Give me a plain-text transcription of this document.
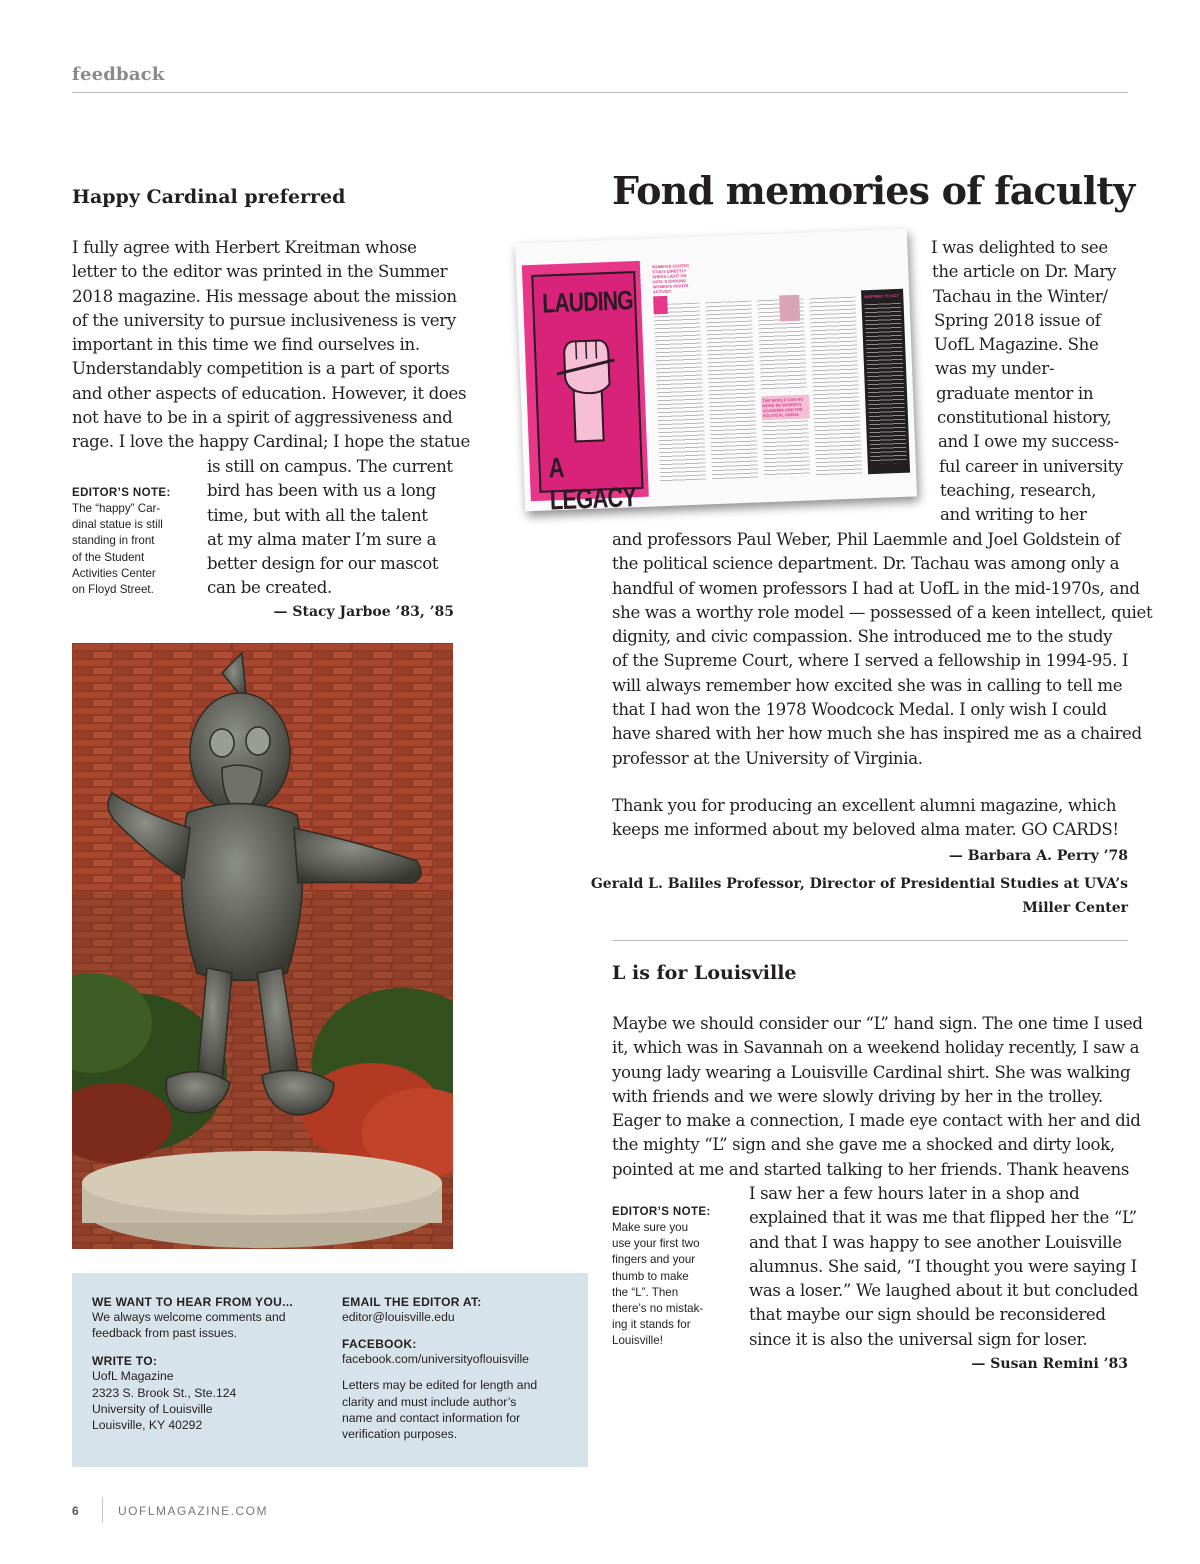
feedback
Happy Cardinal preferred
I fully agree with Herbert Kreitman whose
letter to the editor was printed in the Summer
2018 magazine. His message about the mission
of the university to pursue inclusiveness is very
important in this time we find ourselves in.
Understandably competition is a part of sports
and other aspects of education. However, it does
not have to be in a spirit of aggressiveness and
rage. I love the happy Cardinal; I hope the statue
is still on campus. The current
bird has been with us a long
time, but with all the talent
at my alma mater I’m sure a
better design for our mascot
can be created.
— Stacy Jarboe ’83, ’85
EDITOR’S NOTE:
The “happy” Car-
dinal statue is still
standing in front
of the Student
Activities Center
on Floyd Street.
Fond memories of faculty
LAUDING
A LEGACY
WOMEN'S CENTER STUDY DIRECTLY SHEDS LIGHT ON UOFL'S GROUND WOMEN'S RIGHTS ACTIVIST
THE WORLD CAN NO MORE BE WOMEN'S ACADEMIA AND THE POLITICAL ARENA
INSPIRED TO ACT
I was delighted to see
the article on Dr. Mary
Tachau in the Winter/
Spring 2018 issue of
UofL Magazine. She
was my under-
graduate mentor in
constitutional history,
and I owe my success-
ful career in university
teaching, research,
and writing to her
and professors Paul Weber, Phil Laemmle and Joel Goldstein of
the political science department. Dr. Tachau was among only a
handful of women professors I had at UofL in the mid-1970s, and
she was a worthy role model — possessed of a keen intellect, quiet
dignity, and civic compassion. She introduced me to the study
of the Supreme Court, where I served a fellowship in 1994-95. I
will always remember how excited she was in calling to tell me
that I had won the 1978 Woodcock Medal. I only wish I could
have shared with her how much she has inspired me as a chaired
professor at the University of Virginia.
Thank you for producing an excellent alumni magazine, which
keeps me informed about my beloved alma mater. GO CARDS!
— Barbara A. Perry ’78
Gerald L. Baliles Professor, Director of Presidential Studies at UVA’s
Miller Center
L is for Louisville
Maybe we should consider our “L” hand sign. The one time I used
it, which was in Savannah on a weekend holiday recently, I saw a
young lady wearing a Louisville Cardinal shirt. She was walking
with friends and we were slowly driving by her in the trolley.
Eager to make a connection, I made eye contact with her and did
the mighty “L” sign and she gave me a shocked and dirty look,
pointed at me and started talking to her friends. Thank heavens
I saw her a few hours later in a shop and
explained that it was me that flipped her the “L”
and that I was happy to see another Louisville
alumnus. She said, “I thought you were saying I
was a loser.” We laughed about it but concluded
that maybe our sign should be reconsidered
since it is also the universal sign for loser.
— Susan Remini ’83
EDITOR’S NOTE:
Make sure you
use your first two
fingers and your
thumb to make
the “L”. Then
there’s no mistak-
ing it stands for
Louisville!
WE WANT TO HEAR FROM YOU...
We always welcome comments and
feedback from past issues.
WRITE TO:
UofL Magazine
2323 S. Brook St., Ste.124
University of Louisville
Louisville, KY 40292
EMAIL THE EDITOR AT:
editor@louisville.edu
FACEBOOK:
facebook.com/universityoflouisville
Letters may be edited for length and
clarity and must include author’s
name and contact information for
verification purposes.
6	UOFLMAGAZINE.COM
